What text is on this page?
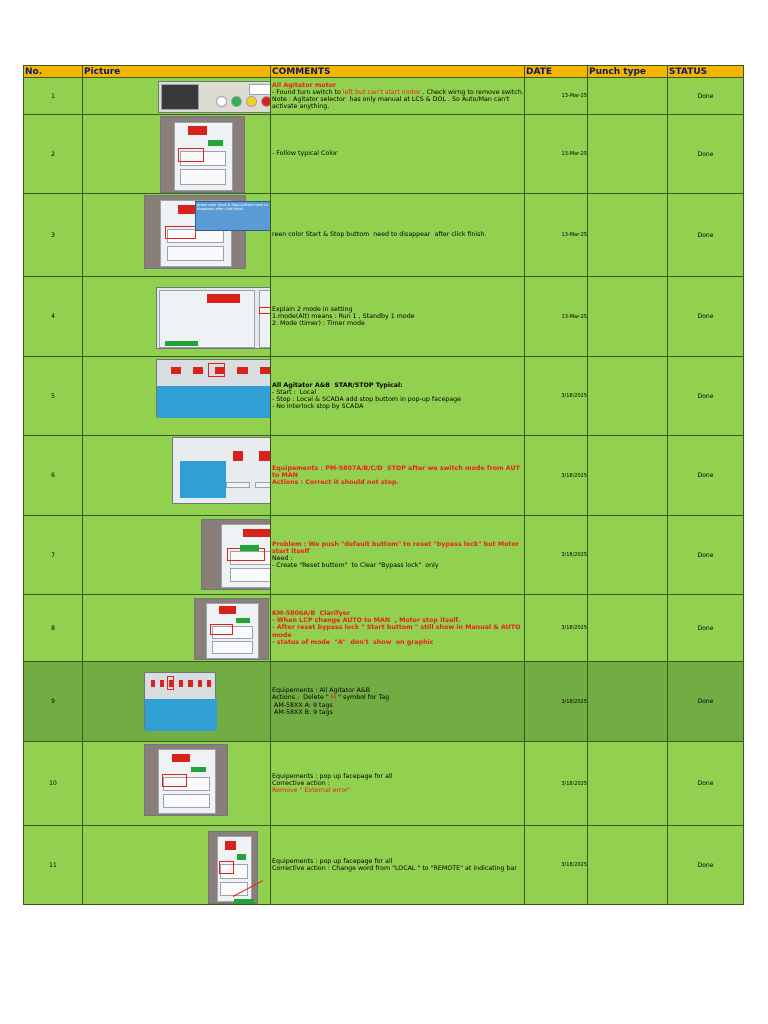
No.	Picture	COMMENTS	DATE	Punch type	STATUS
1		All Agitator motor
- Found turn switch to left but can't start motor . Check wirng to remove switch.
Note : Agitator selector  has only manual at LCS & DOL . So Auto/Man can't activate anything.	13-Mar-25		Done
2		- Follow typical Color	13-Mar-25		Done
3	green color Start & Stop buttom need to disappear after click finish.	reen color Start & Stop buttom  need to disappear  after click finish.	13-Mar-25		Done
4		Explain 2 mode in setting
1.mode(Alt) means : Run 1 , Standby 1 mode
2. Mode (timer) : Timer mode	13-Mar-25		Done
5		All Agitator A&B  STAR/STOP Typical:
- Start :  Local
- Stop : Local & SCADA add stop buttom in pop-up facepage
- No Interlock stop by SCADA	3/18/2025		Done
6		Equipements : PM-5807A/B/C/D  STOP after we switch mode from AUT to MAN
Actions : Correct it should not stop.	3/18/2025		Done
7		Problem : We push "default buttom" to reset "bypass lock" but Motor start itself
Need :
- Create "Reset buttom"  to Clear "Bypass lock"  only	3/18/2025		Done
8		KM-5806A/B  Clarifyer
- When LCP change AUTO to MAN  , Motor stop itself.
- After reset bypass lock " Start buttom " still show in Manual & AUTO mode
- status of mode  "A"  don't  show  on graphic	3/18/2025		Done
9		Equipements : All Agitator A&B
Actions :  Delete " M " symbol for Tag
AM-58XX A: 9 tags
AM-58XX B: 9 tags	3/18/2025		Done
10		Equipements : pop up facepage for all
Corrective action :
Remove " External error"	3/18/2025		Done
11		Equipements : pop up facepage for all
Corrective action : Change word from "LOCAL " to "REMOTE" at indicating bar	3/18/2025		Done
